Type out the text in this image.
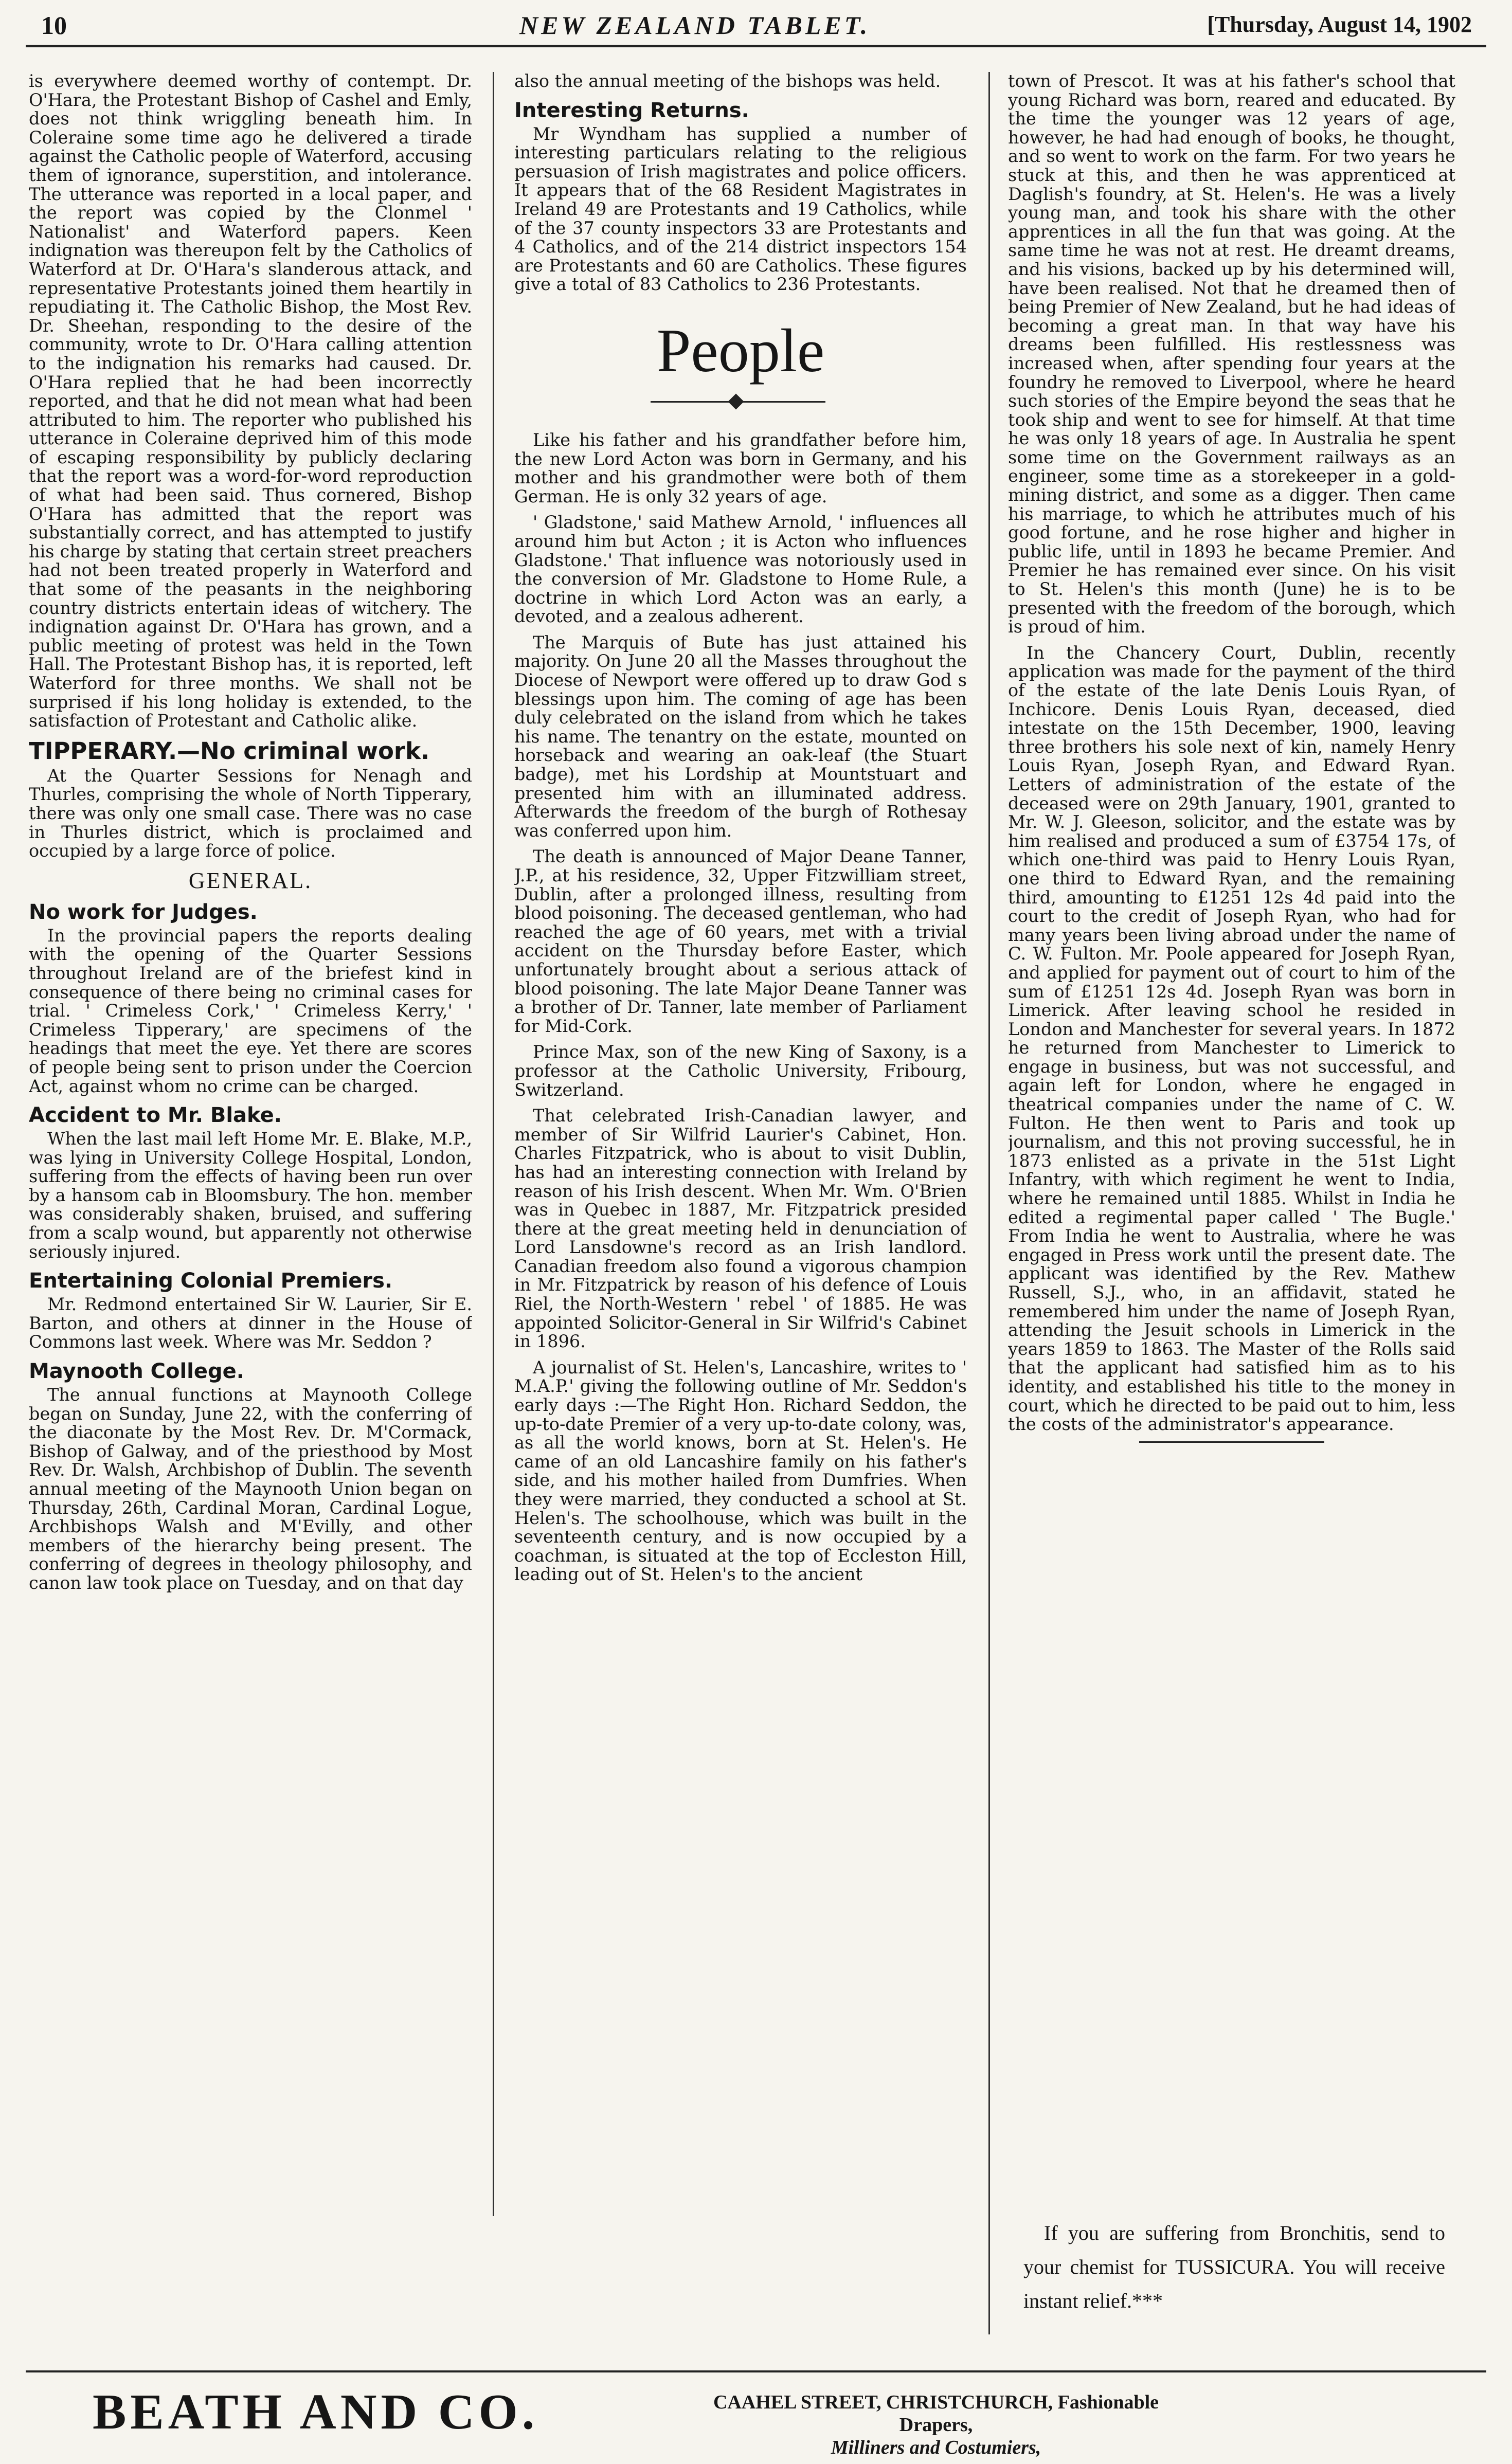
10	NEW ZEALAND TABLET.	[Thursday, August 14, 1902

is everywhere deemed worthy of contempt. Dr. O'Hara, the Protestant Bishop of Cashel and Emly, does not think wriggling beneath him. In Coleraine some time ago he delivered a tirade against the Catholic people of Waterford, accusing them of ignorance, superstition, and intolerance. The utterance was reported in a local paper, and the report was copied by the Clonmel ' Nationalist' and Waterford papers. Keen indignation was thereupon felt by the Catholics of Waterford at Dr. O'Hara's slanderous attack, and representative Protestants joined them heartily in repudiating it. The Catholic Bishop, the Most Rev. Dr. Sheehan, responding to the desire of the community, wrote to Dr. O'Hara calling attention to the indignation his remarks had caused. Dr. O'Hara replied that he had been incorrectly reported, and that he did not mean what had been attributed to him. The reporter who published his utterance in Coleraine deprived him of this mode of escaping responsibility by publicly declaring that the report was a word-for-word reproduction of what had been said. Thus cornered, Bishop O'Hara has admitted that the report was substantially correct, and has attempted to justify his charge by stating that certain street preachers had not been treated properly in Waterford and that some of the peasants in the neighboring country districts entertain ideas of witchery. The indignation against Dr. O'Hara has grown, and a public meeting of protest was held in the Town Hall. The Protestant Bishop has, it is reported, left Waterford for three months. We shall not be surprised if his long holiday is extended, to the satisfaction of Protestant and Catholic alike.

TIPPERARY.—No criminal work.

At the Quarter Sessions for Nenagh and Thurles, comprising the whole of North Tipperary, there was only one small case. There was no case in Thurles district, which is proclaimed and occupied by a large force of police.

GENERAL.
No work for Judges.

In the provincial papers the reports dealing with the opening of the Quarter Sessions throughout Ireland are of the briefest kind in consequence of there being no criminal cases for trial. ' Crimeless Cork,' ' Crimeless Kerry,' ' Crimeless Tipperary,' are specimens of the headings that meet the eye. Yet there are scores of people being sent to prison under the Coercion Act, against whom no crime can be charged.

Accident to Mr. Blake.

When the last mail left Home Mr. E. Blake, M.P., was lying in University College Hospital, London, suffering from the effects of having been run over by a hansom cab in Bloomsbury. The hon. member was considerably shaken, bruised, and suffering from a scalp wound, but apparently not otherwise seriously injured.

Entertaining Colonial Premiers.

Mr. Redmond entertained Sir W. Laurier, Sir E. Barton, and others at dinner in the House of Commons last week. Where was Mr. Seddon ?

Maynooth College.

The annual functions at Maynooth College began on Sunday, June 22, with the conferring of the diaconate by the Most Rev. Dr. M'Cormack, Bishop of Galway, and of the priesthood by Most Rev. Dr. Walsh, Archbishop of Dublin. The seventh annual meeting of the Maynooth Union began on Thursday, 26th, Cardinal Moran, Cardinal Logue, Archbishops Walsh and M'Evilly, and other members of the hierarchy being present. The conferring of degrees in theology philosophy, and canon law took place on Tuesday, and on that day

also the annual meeting of the bishops was held.

Interesting Returns.

Mr Wyndham has supplied a number of interesting particulars relating to the religious persuasion of Irish magistrates and police officers. It appears that of the 68 Resident Magistrates in Ireland 49 are Protestants and 19 Catholics, while of the 37 county inspectors 33 are Protestants and 4 Catholics, and of the 214 district inspectors 154 are Protestants and 60 are Catholics. These figures give a total of 83 Catholics to 236 Protestants.

People

Like his father and his grandfather before him, the new Lord Acton was born in Germany, and his mother and his grandmother were both of them German. He is only 32 years of age.

' Gladstone,' said Mathew Arnold, ' influences all around him but Acton ; it is Acton who influences Gladstone.' That influence was notoriously used in the conversion of Mr. Gladstone to Home Rule, a doctrine in which Lord Acton was an early, a devoted, and a zealous adherent.

The Marquis of Bute has just attained his majority. On June 20 all the Masses throughout the Diocese of Newport were offered up to draw God s blessings upon him. The coming of age has been duly celebrated on the island from which he takes his name. The tenantry on the estate, mounted on horseback and wearing an oak-leaf (the Stuart badge), met his Lordship at Mountstuart and presented him with an illuminated address. Afterwards the freedom of the burgh of Rothesay was conferred upon him.

The death is announced of Major Deane Tanner, J.P., at his residence, 32, Upper Fitzwilliam street, Dublin, after a prolonged illness, resulting from blood poisoning. The deceased gentleman, who had reached the age of 60 years, met with a trivial accident on the Thursday before Easter, which unfortunately brought about a serious attack of blood poisoning. The late Major Deane Tanner was a brother of Dr. Tanner, late member of Parliament for Mid-Cork.

Prince Max, son of the new King of Saxony, is a professor at the Catholic University, Fribourg, Switzerland.

That celebrated Irish-Canadian lawyer, and member of Sir Wilfrid Laurier's Cabinet, Hon. Charles Fitzpatrick, who is about to visit Dublin, has had an interesting connection with Ireland by reason of his Irish descent. When Mr. Wm. O'Brien was in Quebec in 1887, Mr. Fitzpatrick presided there at the great meeting held in denunciation of Lord Lansdowne's record as an Irish landlord. Canadian freedom also found a vigorous champion in Mr. Fitzpatrick by reason of his defence of Louis Riel, the North-Western ' rebel ' of 1885. He was appointed Solicitor-General in Sir Wilfrid's Cabinet in 1896.

A journalist of St. Helen's, Lancashire, writes to ' M.A.P.' giving the following outline of Mr. Seddon's early days :—The Right Hon. Richard Seddon, the up-to-date Premier of a very up-to-date colony, was, as all the world knows, born at St. Helen's. He came of an old Lancashire family on his father's side, and his mother hailed from Dumfries. When they were married, they conducted a school at St. Helen's. The schoolhouse, which was built in the seventeenth century, and is now occupied by a coachman, is situated at the top of Eccleston Hill, leading out of St. Helen's to the ancient

town of Prescot. It was at his father's school that young Richard was born, reared and educated. By the time the younger was 12 years of age, however, he had had enough of books, he thought, and so went to work on the farm. For two years he stuck at this, and then he was apprenticed at Daglish's foundry, at St. Helen's. He was a lively young man, and took his share with the other apprentices in all the fun that was going. At the same time he was not at rest. He dreamt dreams, and his visions, backed up by his determined will, have been realised. Not that he dreamed then of being Premier of New Zealand, but he had ideas of becoming a great man. In that way have his dreams been fulfilled. His restlessness was increased when, after spending four years at the foundry he removed to Liverpool, where he heard such stories of the Empire beyond the seas that he took ship and went to see for himself. At that time he was only 18 years of age. In Australia he spent some time on the Government railways as an engineer, some time as a storekeeper in a gold-mining district, and some as a digger. Then came his marriage, to which he attributes much of his good fortune, and he rose higher and higher in public life, until in 1893 he became Premier. And Premier he has remained ever since. On his visit to St. Helen's this month (June) he is to be presented with the freedom of the borough, which is proud of him.

In the Chancery Court, Dublin, recently application was made for the payment of the third of the estate of the late Denis Louis Ryan, of Inchicore. Denis Louis Ryan, deceased, died intestate on the 15th December, 1900, leaving three brothers his sole next of kin, namely Henry Louis Ryan, Joseph Ryan, and Edward Ryan. Letters of administration of the estate of the deceased were on 29th January, 1901, granted to Mr. W. J. Gleeson, solicitor, and the estate was by him realised and produced a sum of £3754 17s, of which one-third was paid to Henry Louis Ryan, one third to Edward Ryan, and the remaining third, amounting to £1251 12s 4d paid into the court to the credit of Joseph Ryan, who had for many years been living abroad under the name of C. W. Fulton. Mr. Poole appeared for Joseph Ryan, and applied for payment out of court to him of the sum of £1251 12s 4d. Joseph Ryan was born in Limerick. After leaving school he resided in London and Manchester for several years. In 1872 he returned from Manchester to Limerick to engage in business, but was not successful, and again left for London, where he engaged in theatrical companies under the name of C. W. Fulton. He then went to Paris and took up journalism, and this not proving successful, he in 1873 enlisted as a private in the 51st Light Infantry, with which regiment he went to India, where he remained until 1885. Whilst in India he edited a regimental paper called ' The Bugle.' From India he went to Australia, where he was engaged in Press work until the present date. The applicant was identified by the Rev. Mathew Russell, S.J., who, in an affidavit, stated he remembered him under the name of Joseph Ryan, attending the Jesuit schools in Limerick in the years 1859 to 1863. The Master of the Rolls said that the applicant had satisfied him as to his identity, and established his title to the money in court, which he directed to be paid out to him, less the costs of the administrator's appearance.

If you are suffering from Bronchitis, send to your chemist for TUSSICURA. You will receive instant relief.***

BEATH AND CO.	CAAHEL STREET, CHRISTCHURCH, Fashionable Drapers,
Milliners and Costumiers,
